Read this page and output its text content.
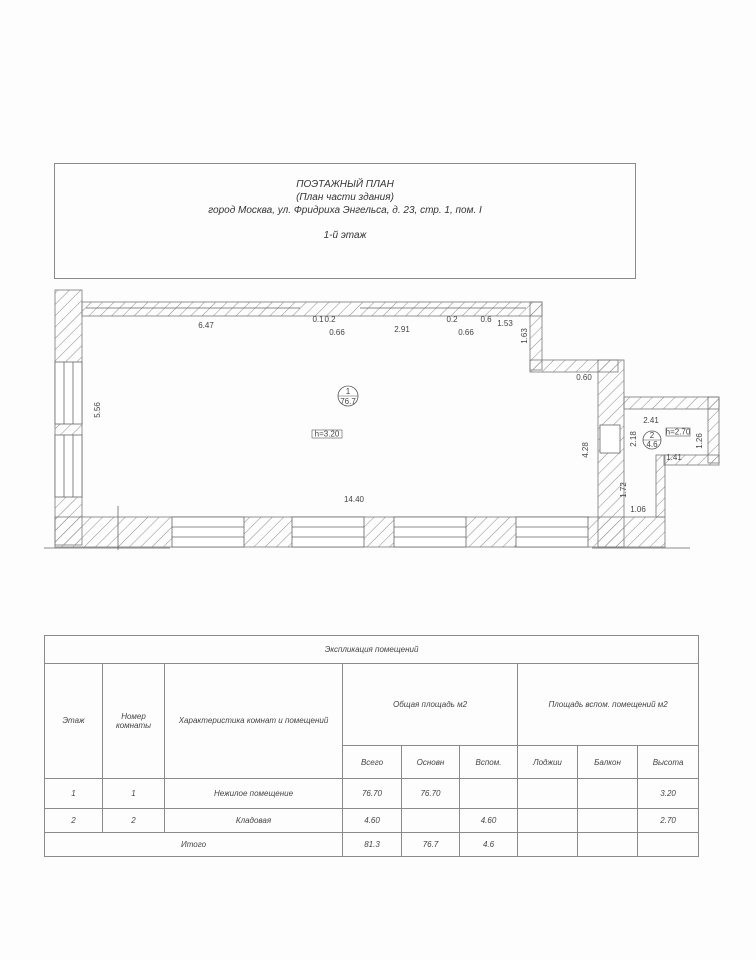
ПОЭТАЖНЫЙ ПЛАН
(План части здания)
город Москва, ул. Фридриха Энгельса, д. 23, стр. 1, пом. I
1-й этаж
1
76.7
h=3.20	2
4.6
h=2.70
6.47
0.66	2.91	0.66
1.53
0.1 0.2	0.2	0.6
1.63
5.56
14.40
0.60
4.28
2.41
2.18	1.26
1.41
1.72
1.06
Экспликация помещений								
Этаж	Номер комнаты	Характеристика комнат и помещений	Общая площадь м2			Площадь вспом. помещений м2		
			Всего	Основн	Вспом.	Лоджии	Балкон	Высота
1	1	Нежилое помещение	76.70	76.70				3.20
2	2	Кладовая	4.60		4.60			2.70
Итого			81.3	76.7	4.6			
